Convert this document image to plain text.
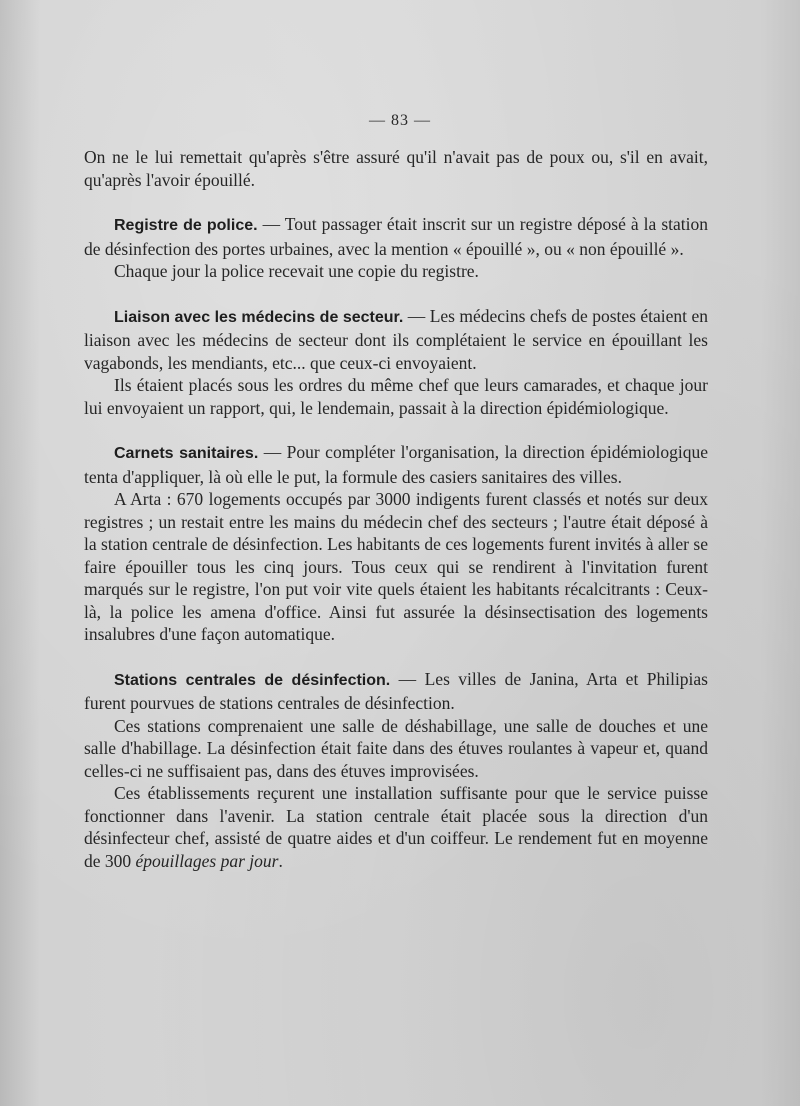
— 83 —

On ne le lui remettait qu'après s'être assuré qu'il n'avait pas de poux ou, s'il en avait, qu'après l'avoir épouillé.

Registre de police. — Tout passager était inscrit sur un registre déposé à la station de désinfection des portes urbaines, avec la mention « épouillé », ou « non épouillé ».

Chaque jour la police recevait une copie du registre.

Liaison avec les médecins de secteur. — Les médecins chefs de postes étaient en liaison avec les médecins de secteur dont ils complétaient le service en épouillant les vagabonds, les mendiants, etc... que ceux-ci envoyaient.

Ils étaient placés sous les ordres du même chef que leurs camarades, et chaque jour lui envoyaient un rapport, qui, le lendemain, passait à la direction épidémiologique.

Carnets sanitaires. — Pour compléter l'organisation, la direction épidémiologique tenta d'appliquer, là où elle le put, la formule des casiers sanitaires des villes.

A Arta : 670 logements occupés par 3000 indigents furent classés et notés sur deux registres ; un restait entre les mains du médecin chef des secteurs ; l'autre était déposé à la station centrale de désinfection. Les habitants de ces logements furent invités à aller se faire épouiller tous les cinq jours. Tous ceux qui se rendirent à l'invitation furent marqués sur le registre, l'on put voir vite quels étaient les habitants récalcitrants : Ceux-là, la police les amena d'office. Ainsi fut assurée la désinsectisation des logements insalubres d'une façon automatique.

Stations centrales de désinfection. — Les villes de Janina, Arta et Philipias furent pourvues de stations centrales de désinfection.

Ces stations comprenaient une salle de déshabillage, une salle de douches et une salle d'habillage. La désinfection était faite dans des étuves roulantes à vapeur et, quand celles-ci ne suffisaient pas, dans des étuves improvisées.

Ces établissements reçurent une installation suffisante pour que le service puisse fonctionner dans l'avenir. La station centrale était placée sous la direction d'un désinfecteur chef, assisté de quatre aides et d'un coiffeur. Le rendement fut en moyenne de 300 épouillages par jour.
